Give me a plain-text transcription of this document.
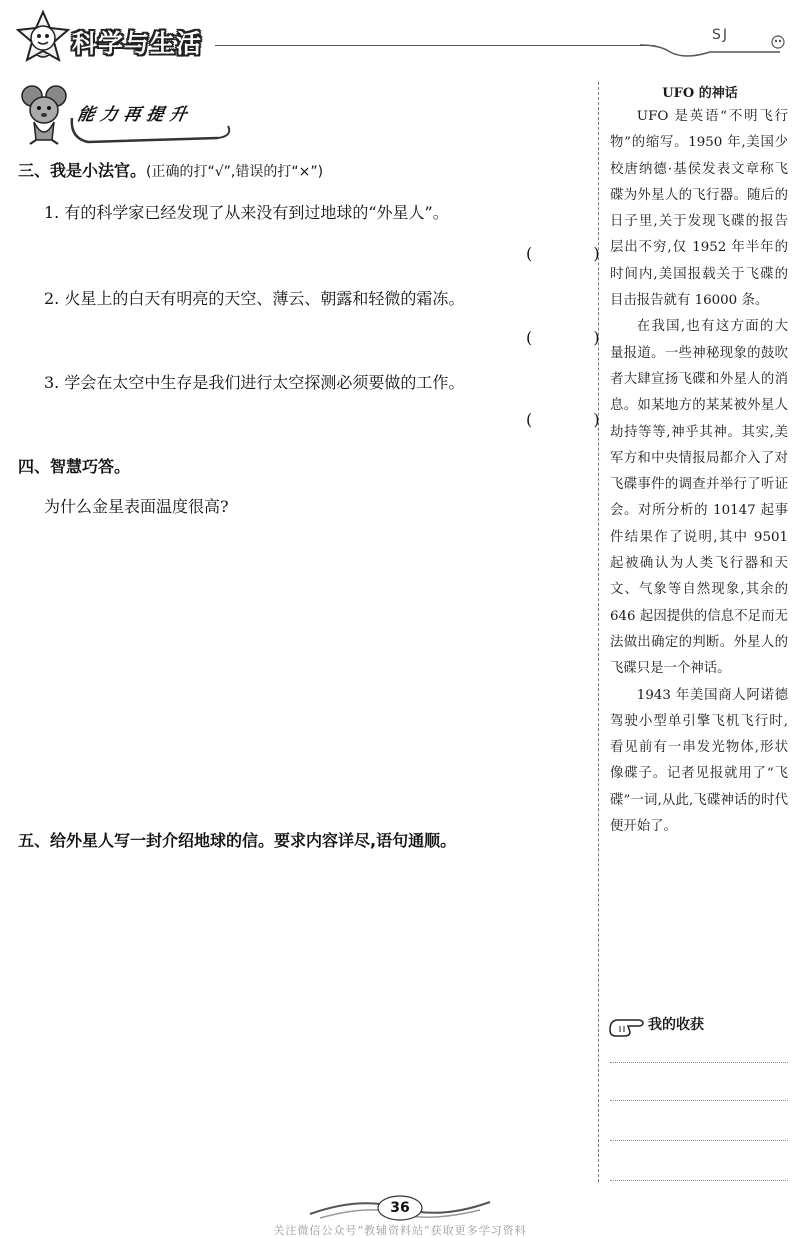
科学与生活	SJ
能力再提升
三、我是小法官。(正确的打“√”,错误的打“×”)
1. 有的科学家已经发现了从来没有到过地球的“外星人”。
( )
2. 火星上的白天有明亮的天空、薄云、朝露和轻微的霜冻。
( )
3. 学会在太空中生存是我们进行太空探测必须要做的工作。
( )
四、智慧巧答。
为什么金星表面温度很高?
五、给外星人写一封介绍地球的信。要求内容详尽,语句通顺。
UFO 的神话

UFO 是英语“不明飞行物”的缩写。1950 年,美国少校唐纳德·基侯发表文章称飞碟为外星人的飞行器。随后的日子里,关于发现飞碟的报告层出不穷,仅 1952 年半年的时间内,美国报载关于飞碟的目击报告就有 16000 条。

在我国,也有这方面的大量报道。一些神秘现象的鼓吹者大肆宣扬飞碟和外星人的消息。如某地方的某某被外星人劫持等等,神乎其神。其实,美军方和中央情报局都介入了对飞碟事件的调查并举行了听证会。对所分析的 10147 起事件结果作了说明,其中 9501 起被确认为人类飞行器和天文、气象等自然现象,其余的 646 起因提供的信息不足而无法做出确定的判断。外星人的飞碟只是一个神话。

1943 年美国商人阿诺德驾驶小型单引擎飞机飞行时,看见前有一串发光物体,形状像碟子。记者见报就用了“飞碟”一词,从此,飞碟神话的时代便开始了。

我的收获
36
关注微信公众号“教辅资料站”获取更多学习资料
